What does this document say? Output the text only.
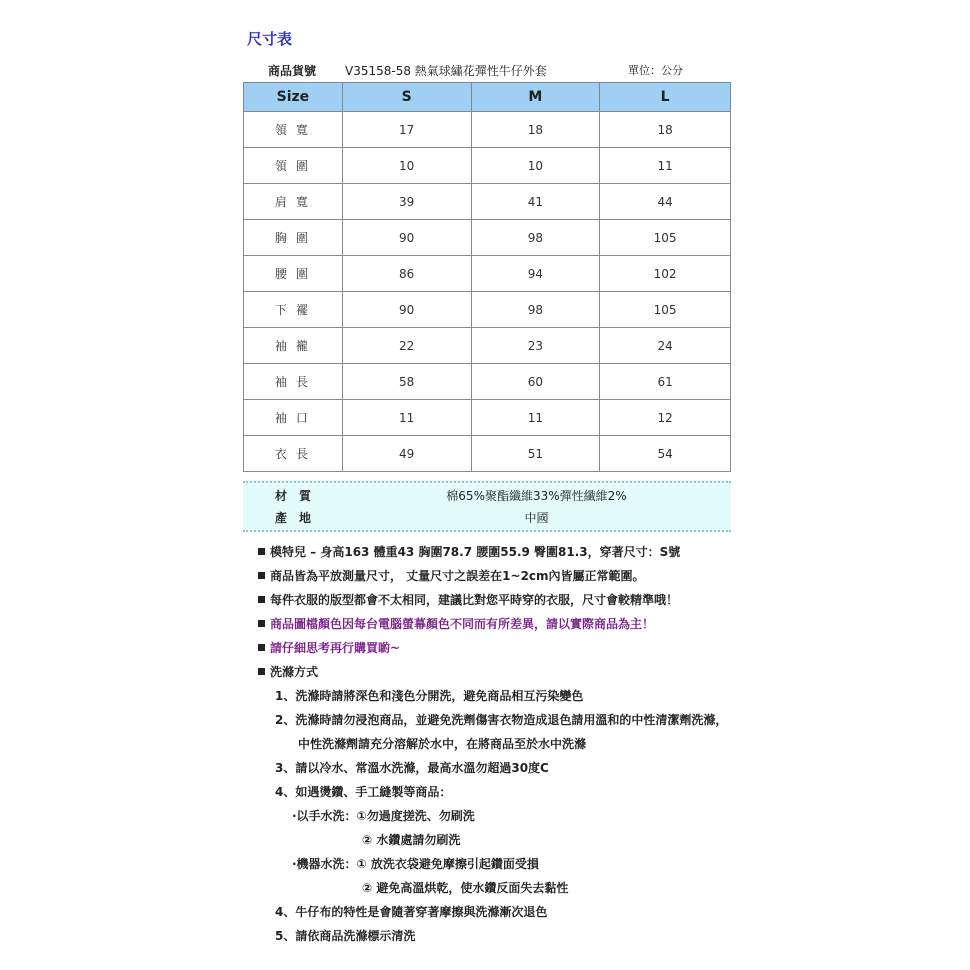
尺寸表
商品貨號 V35158-58 熱氣球繡花彈性牛仔外套	單位：公分
Size	S	M	L
領寬	17	18	18
領圍	10	10	11
肩寬	39	41	44
胸圍	90	98	105
腰圍	86	94	102
下襬	90	98	105
袖襱	22	23	24
袖長	58	60	61
袖口	11	11	12
衣長	49	51	54
材質	棉65%聚酯纖維33%彈性纖維2%
產地	中國
模特兒 – 身高163 體重43 胸圍78.7 腰圍55.9 臀圍81.3，穿著尺寸：S號
商品皆為平放測量尺寸， 丈量尺寸之誤差在1~2cm內皆屬正常範圍。
每件衣服的版型都會不太相同，建議比對您平時穿的衣服，尺寸會較精準哦！
商品圖檔顏色因每台電腦螢幕顏色不同而有所差異，請以實際商品為主！
請仔細思考再行購買喲~
洗滌方式
1、洗滌時請將深色和淺色分開洗，避免商品相互污染變色
2、洗滌時請勿浸泡商品，並避免洗劑傷害衣物造成退色請用溫和的中性清潔劑洗滌，
中性洗滌劑請充分溶解於水中，在將商品至於水中洗滌
3、請以冷水、常溫水洗滌，最高水溫勿超過30度C
4、如遇燙鑽、手工縫製等商品：
·以手水洗：①勿過度搓洗、勿刷洗
② 水鑽處請勿刷洗
·機器水洗：① 放洗衣袋避免摩擦引起鑽面受損
② 避免高溫烘乾，使水鑽反面失去黏性
4、牛仔布的特性是會隨著穿著摩擦與洗滌漸次退色
5、請依商品洗滌標示清洗
